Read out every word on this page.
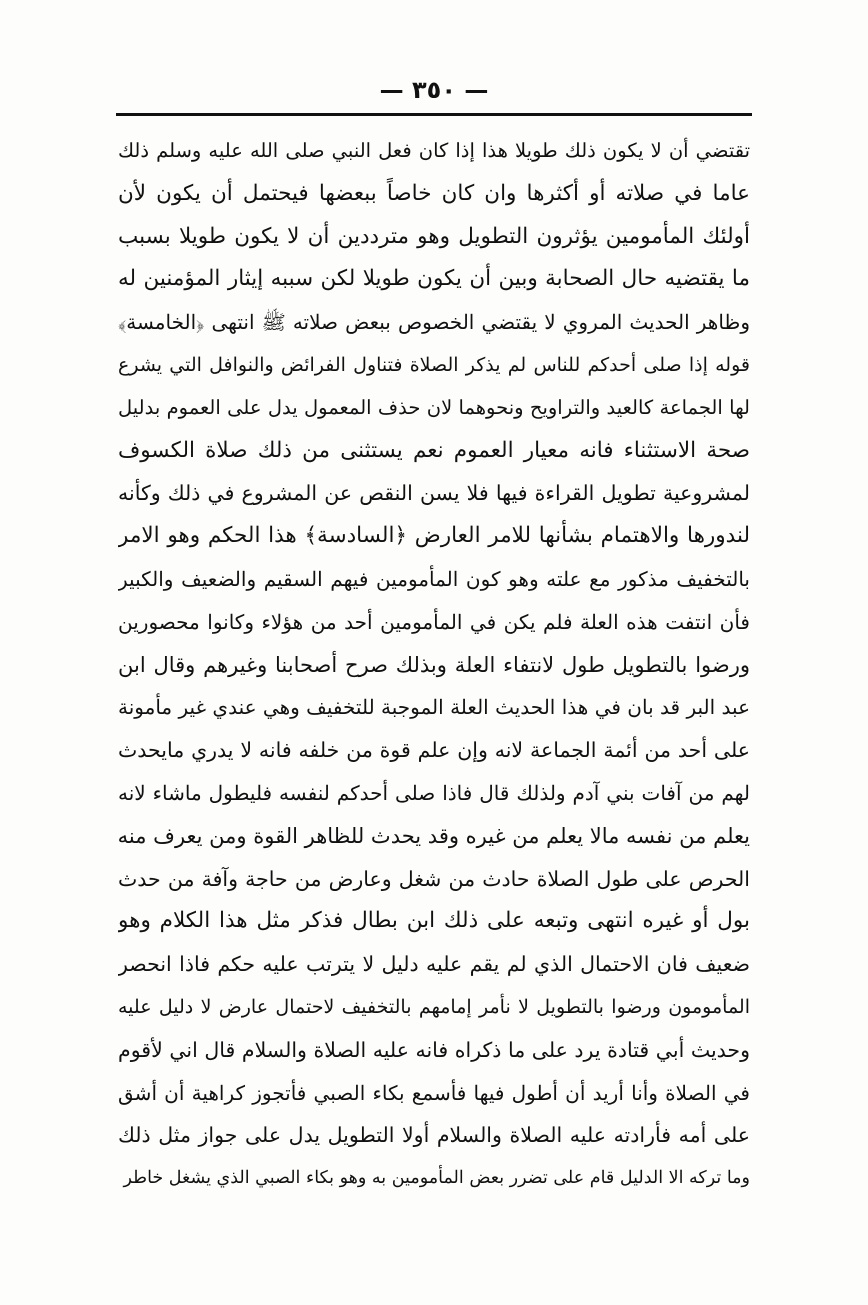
— ٣٥٠ —
تقتضي أن لا يكون ذلك طويلا هذا إذا كان فعل النبي صلى الله عليه وسلم ذلك
عاما في صلاته أو أكثرها وان كان خاصاً ببعضها فيحتمل أن يكون لأن
أولئك المأمومين يؤثرون التطويل وهو مترددين أن لا يكون طويلا بسبب
ما يقتضيه حال الصحابة وبين أن يكون طويلا لكن سببه إيثار المؤمنين له
وظاهر الحديث المروي لا يقتضي الخصوص ببعض صلاته ﷺ انتهى ﴿الخامسة﴾
قوله إذا صلى أحدكم للناس لم يذكر الصلاة فتناول الفرائض والنوافل التي يشرع
لها الجماعة كالعيد والتراويح ونحوهما لان حذف المعمول يدل على العموم بدليل
صحة الاستثناء فانه معيار العموم نعم يستثنى من ذلك صلاة الكسوف
لمشروعية تطويل القراءة فيها فلا يسن النقص عن المشروع في ذلك وكأنه
لندورها والاهتمام بشأنها للامر العارض ﴿السادسة﴾ هذا الحكم وهو الامر
بالتخفيف مذكور مع علته وهو كون المأمومين فيهم السقيم والضعيف والكبير
فأن انتفت هذه العلة فلم يكن في المأمومين أحد من هؤلاء وكانوا محصورين
ورضوا بالتطويل طول لانتفاء العلة وبذلك صرح أصحابنا وغيرهم وقال ابن
عبد البر قد بان في هذا الحديث العلة الموجبة للتخفيف وهي عندي غير مأمونة
على أحد من أئمة الجماعة لانه وإن علم قوة من خلفه فانه لا يدري مايحدث
لهم من آفات بني آدم ولذلك قال فاذا صلى أحدكم لنفسه فليطول ماشاء لانه
يعلم من نفسه مالا يعلم من غيره وقد يحدث للظاهر القوة ومن يعرف منه
الحرص على طول الصلاة حادث من شغل وعارض من حاجة وآفة من حدث
بول أو غيره انتهى وتبعه على ذلك ابن بطال فذكر مثل هذا الكلام وهو
ضعيف فان الاحتمال الذي لم يقم عليه دليل لا يترتب عليه حكم فاذا انحصر
المأمومون ورضوا بالتطويل لا نأمر إمامهم بالتخفيف لاحتمال عارض لا دليل عليه
وحديث أبي قتادة يرد على ما ذكراه فانه عليه الصلاة والسلام قال اني لأقوم
في الصلاة وأنا أريد أن أطول فيها فأسمع بكاء الصبي فأتجوز كراهية أن أشق
على أمه فأرادته عليه الصلاة والسلام أولا التطويل يدل على جواز مثل ذلك
وما تركه الا الدليل قام على تضرر بعض المأمومين به وهو بكاء الصبي الذي يشغل خاطر
